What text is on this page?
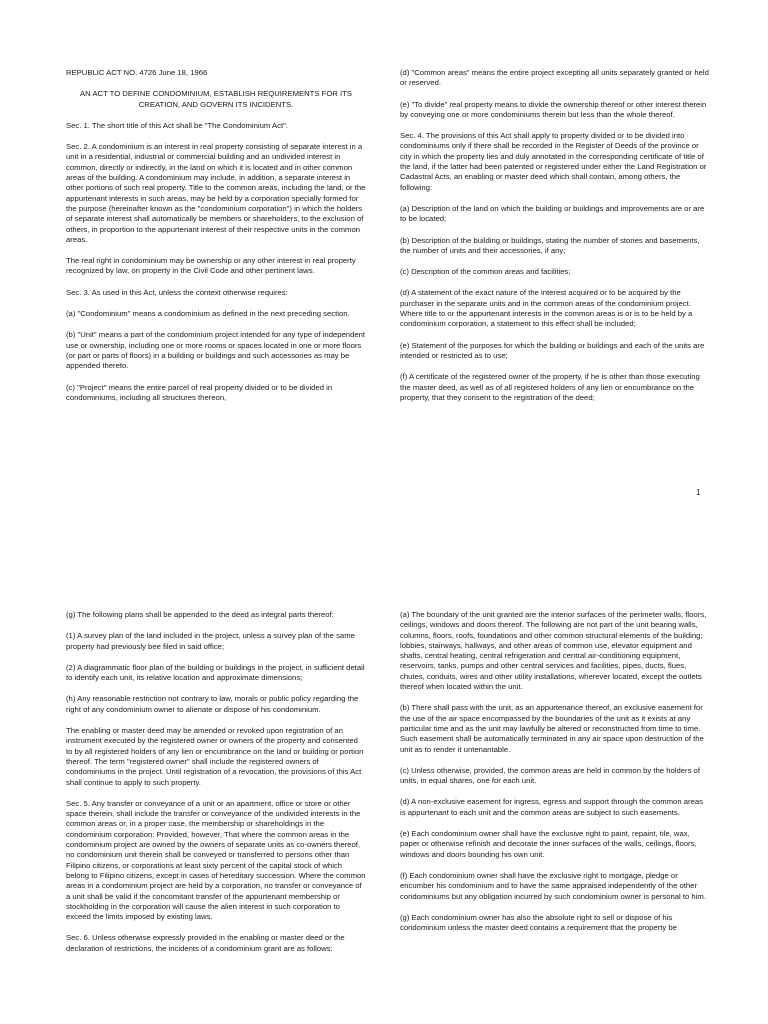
REPUBLIC ACT NO. 4726 June 18, 1966

AN ACT TO DEFINE CONDOMINIUM, ESTABLISH REQUIREMENTS FOR ITS CREATION, AND GOVERN ITS INCIDENTS.

Sec. 1. The short title of this Act shall be "The Condominium Act".

Sec. 2. A condominium is an interest in real property consisting of separate interest in a unit in a residential, industrial or commercial building and an undivided interest in common, directly or indirectly, in the land on which it is located and in other common areas of the building. A condominium may include, in addition, a separate interest in other portions of such real property. Title to the common areas, including the land, or the appurtenant interests in such areas, may be held by a corporation specially formed for the purpose (hereinafter known as the "condominium corporation") in which the holders of separate interest shall automatically be members or shareholders, to the exclusion of others, in proportion to the appurtenant interest of their respective units in the common areas.

The real right in condominium may be ownership or any other interest in real property recognized by law, on property in the Civil Code and other pertinent laws.

Sec. 3. As used in this Act, unless the context otherwise requires:

(a) "Condominium" means a condominium as defined in the next preceding section.

(b) "Unit" means a part of the condominium project intended for any type of independent use or ownership, including one or more rooms or spaces located in one or more floors (or part or parts of floors) in a building or buildings and such accessories as may be appended thereto.

(c) "Project" means the entire parcel of real property divided or to be divided in condominiums, including all structures thereon,

(d) "Common areas" means the entire project excepting all units separately granted or held or reserved.

(e) "To divide" real property means to divide the ownership thereof or other interest therein by conveying one or more condominiums therein but less than the whole thereof.

Sec. 4. The provisions of this Act shall apply to property divided or to be divided into condominiums only if there shall be recorded in the Register of Deeds of the province or city in which the property lies and duly annotated in the corresponding certificate of title of the land, if the latter had been patented or registered under either the Land Registration or Cadastral Acts, an enabling or master deed which shall contain, among others, the following:

(a) Description of the land on which the building or buildings and improvements are or are to be located;

(b) Description of the building or buildings, stating the number of stories and basements, the number of units and their accessories, if any;

(c) Description of the common areas and facilities;

(d) A statement of the exact nature of the interest acquired or to be acquired by the purchaser in the separate units and in the common areas of the condominium project. Where title to or the appurtenant interests in the common areas is or is to be held by a condominium corporation, a statement to this effect shall be included;

(e) Statement of the purposes for which the building or buildings and each of the units are intended or restricted as to use;

(f) A certificate of the registered owner of the property, if he is other than those executing the master deed, as well as of all registered holders of any lien or encumbrance on the property, that they consent to the registration of the deed;

1

(g) The following plans shall be appended to the deed as integral parts thereof:

(1) A survey plan of the land included in the project, unless a survey plan of the same property had previously bee filed in said office;

(2) A diagrammatic floor plan of the building or buildings in the project, in sufficient detail to identify each unit, its relative location and approximate dimensions;

(h) Any reasonable restriction not contrary to law, morals or public policy regarding the right of any condominium owner to alienate or dispose of his condominium.

The enabling or master deed may be amended or revoked upon registration of an instrument executed by the registered owner or owners of the property and consented to by all registered holders of any lien or encumbrance on the land or building or portion thereof. The term "registered owner" shall include the registered owners of condominiums in the project. Until registration of a revocation, the provisions of this Act shall continue to apply to such property.

Sec. 5. Any transfer or conveyance of a unit or an apartment, office or store or other space therein, shall include the transfer or conveyance of the undivided interests in the common areas or, in a proper case, the membership or shareholdings in the condominium corporation: Provided, however, That where the common areas in the condominium project are owned by the owners of separate units as co-owners thereof, no condominium unit therein shall be conveyed or transferred to persons other than Filipino citizens, or corporations at least sixty percent of the capital stock of which belong to Filipino citizens, except in cases of hereditary succession. Where the common areas in a condominium project are held by a corporation, no transfer or conveyance of a unit shall be valid if the concomitant transfer of the appurtenant membership or stockholding in the corporation will cause the alien interest in such corporation to exceed the limits imposed by existing laws.

Sec. 6. Unless otherwise expressly provided in the enabling or master deed or the declaration of restrictions, the incidents of a condominium grant are as follows:

(a) The boundary of the unit granted are the interior surfaces of the perimeter walls, floors, ceilings, windows and doors thereof. The following are not part of the unit bearing walls, columns, floors, roofs, foundations and other common structural elements of the building; lobbies, stairways, hallways, and other areas of common use, elevator equipment and shafts, central heating, central refrigeration and central air-conditioning equipment, reservoirs, tanks, pumps and other central services and facilities, pipes, ducts, flues, chutes, conduits, wires and other utility installations, wherever located, except the outlets thereof when located within the unit.

(b) There shall pass with the unit, as an appurtenance thereof, an exclusive easement for the use of the air space encompassed by the boundaries of the unit as it exists at any particular time and as the unit may lawfully be altered or reconstructed from time to time. Such easement shall be automatically terminated in any air space upon destruction of the unit as to render it untenantable.

(c) Unless otherwise, provided, the common areas are held in common by the holders of units, in equal shares, one for each unit.

(d) A non-exclusive easement for ingress, egress and support through the common areas is appurtenant to each unit and the common areas are subject to such easements.

(e) Each condominium owner shall have the exclusive right to paint, repaint, tile, wax, paper or otherwise refinish and decorate the inner surfaces of the walls, ceilings, floors, windows and doors bounding his own unit.

(f) Each condominium owner shall have the exclusive right to mortgage, pledge or encumber his condominium and to have the same appraised independently of the other condominiums but any obligation incurred by such condominium owner is personal to him.

(g) Each condominium owner has also the absolute right to sell or dispose of his condominium unless the master deed contains a requirement that the property be
